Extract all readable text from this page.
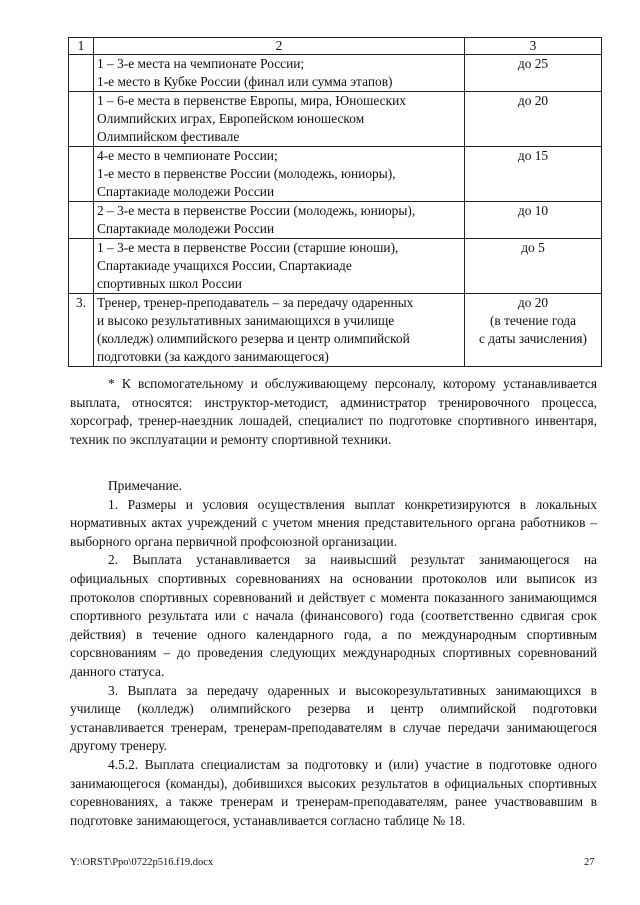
1	2	3

	1 – 3-е места на чемпионате России;
1-е место в Кубке России (финал или сумма этапов)	до 25

	1 – 6-е места в первенстве Европы, мира, Юношеских
Олимпийских играх, Европейском юношеском
Олимпийском фестивале	до 20

	4-е место в чемпионате России;
1-е место в первенстве России (молодежь, юниоры),
Спартакиаде молодежи России	до 15

	2 – 3-е места в первенстве России (молодежь, юниоры),
Спартакиаде молодежи России	до 10

	1 – 3-е места в первенстве России (старшие юноши),
Спартакиаде учащихся России, Спартакиаде
спортивных школ России	до 5

3.	Тренер, тренер-преподаватель – за передачу одаренных
и высоко результативных занимающихся в училище
(колледж) олимпийского резерва и центр олимпийской
подготовки (за каждого занимающегося)	до 20
(в течение года
с даты зачисления)

* К вспомогательному и обслуживающему персоналу, которому устанавливается выплата, относятся: инструктор-методист, администратор тренировочного процесса, хорсограф, тренер-наездник лошадей, специалист по подготовке спортивного инвентаря, техник по эксплуатации и ремонту спортивной техники.

Примечание.

1. Размеры и условия осуществления выплат конкретизируются в локальных нормативных актах учреждений с учетом мнения представительного органа работников – выборного органа первичной профсоюзной организации.

2. Выплата устанавливается за наивысший результат занимающегося на официальных спортивных соревнованиях на основании протоколов или выписок из протоколов спортивных соревнований и действует с момента показанного занимающимся спортивного результата или с начала (финансового) года (соответственно сдвигая срок действия) в течение одного календарного года, а по международным спортивным сорсвнованиям – до проведения следующих международных спортивных соревнований данного статуса.

3. Выплата за передачу одаренных и высокорезультативных занимающихся в училище (колледж) олимпийского резерва и центр олимпийской подготовки устанавливается тренерам, тренерам-преподавателям в случае передачи занимающегося другому тренеру.

4.5.2. Выплата специалистам за подготовку и (или) участие в подготовке одного занимающегося (команды), добившихся высоких результатов в официальных спортивных соревнованиях, а также тренерам и тренерам-преподавателям, ранее участвовавшим в подготовке занимающегося, устанавливается согласно таблице № 18.

Y:\ORST\Ppo\0722p516.f19.docx	27
